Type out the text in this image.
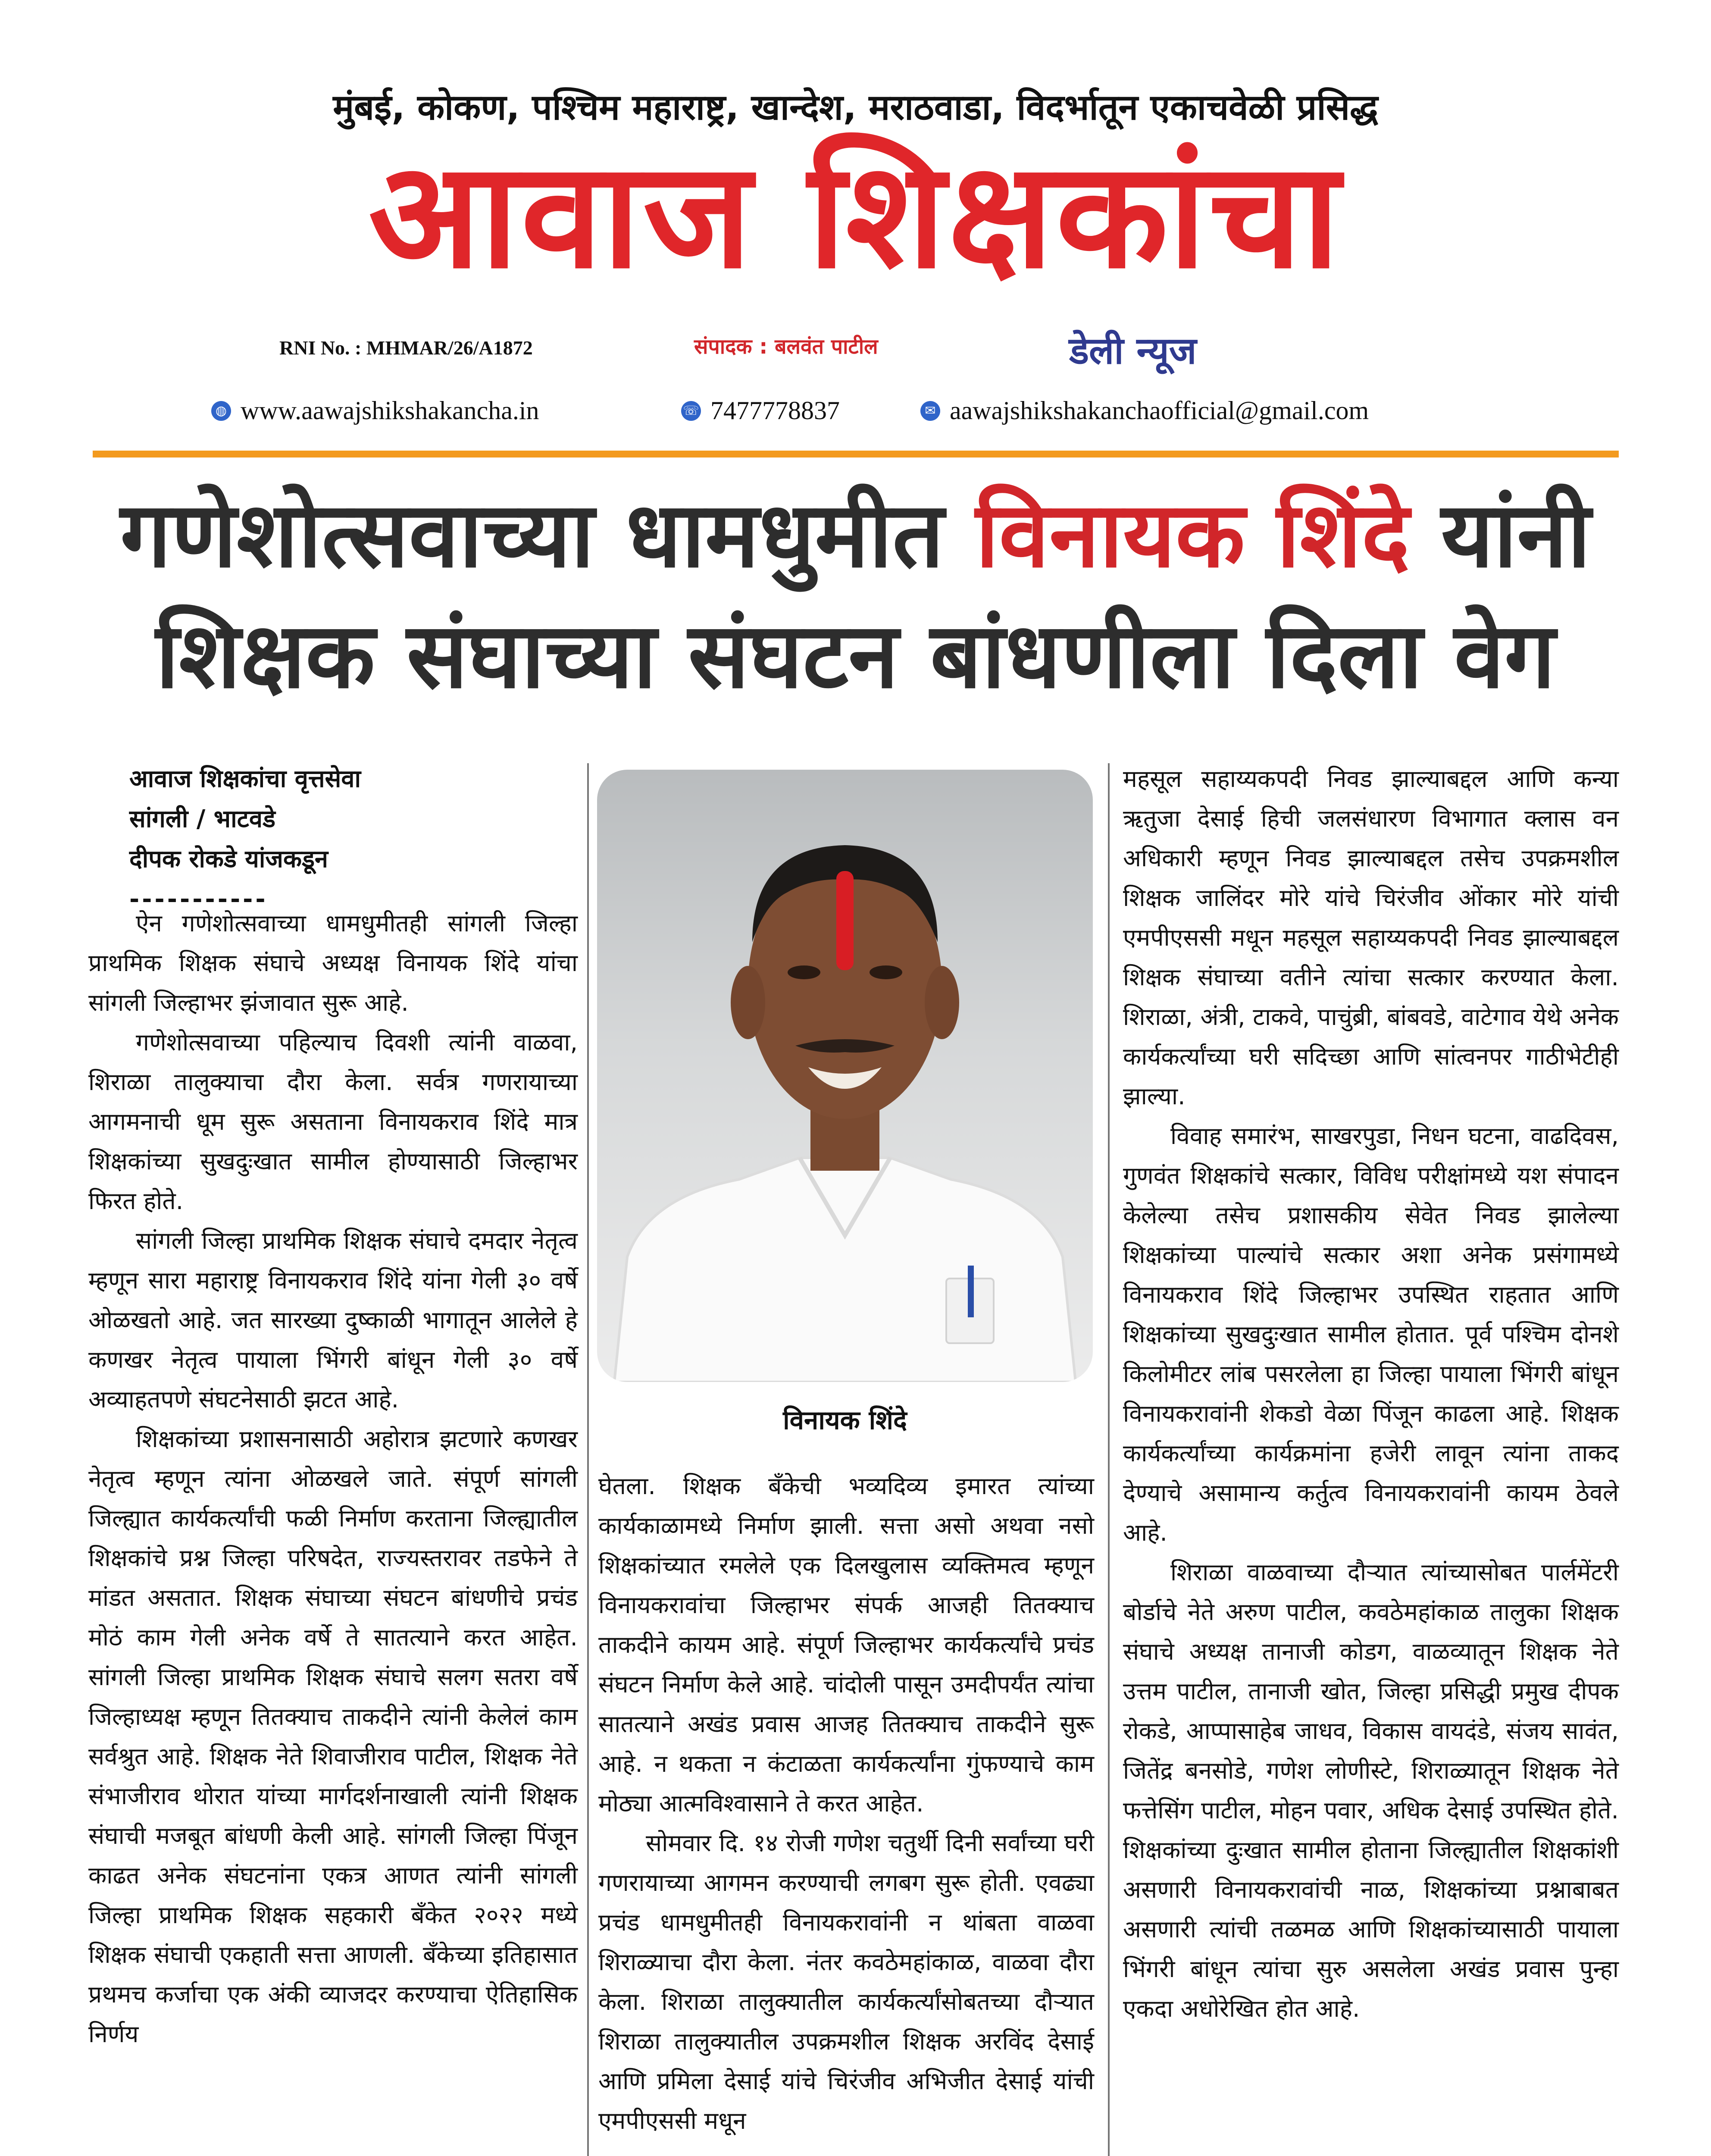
मुंबई, कोकण, पश्चिम महाराष्ट्र, खान्देश, मराठवाडा, विदर्भातून एकाचवेळी प्रसिद्ध
आवाज शिक्षकांचा
RNI No. : MHMAR/26/A1872	संपादक : बलवंत पाटील	डेली न्यूज
◍ www.aawajshikshakancha.in	☏ 7477778837	✉ aawajshikshakanchaofficial@gmail.com
गणेशोत्सवाच्या धामधुमीत विनायक शिंदे यांनी
शिक्षक संघाच्या संघटन बांधणीला दिला वेग
आवाज शिक्षकांचा वृत्तसेवा
सांगली / भाटवडे
दीपक रोकडे यांजकडून
-----------
विनायक शिंदे

ऐन गणेशोत्सवाच्या धामधुमीतही सांगली जिल्हा प्राथमिक शिक्षक संघाचे अध्यक्ष विनायक शिंदे यांचा सांगली जिल्हाभर झंजावात सुरू आहे.

गणेशोत्सवाच्या पहिल्याच दिवशी त्यांनी वाळवा, शिराळा तालुक्याचा दौरा केला. सर्वत्र गणरायाच्या आगमनाची धूम सुरू असताना विनायकराव शिंदे मात्र शिक्षकांच्या सुखदुःखात सामील होण्यासाठी जिल्हाभर फिरत होते.

सांगली जिल्हा प्राथमिक शिक्षक संघाचे दमदार नेतृत्व म्हणून सारा महाराष्ट्र विनायकराव शिंदे यांना गेली ३० वर्षे ओळखतो आहे. जत सारख्या दुष्काळी भागातून आलेले हे कणखर नेतृत्व पायाला भिंगरी बांधून गेली ३० वर्षे अव्याहतपणे संघटनेसाठी झटत आहे.

शिक्षकांच्या प्रशासनासाठी अहोरात्र झटणारे कणखर नेतृत्व म्हणून त्यांना ओळखले जाते. संपूर्ण सांगली जिल्ह्यात कार्यकर्त्यांची फळी निर्माण करताना जिल्ह्यातील शिक्षकांचे प्रश्न जिल्हा परिषदेत, राज्यस्तरावर तडफेने ते मांडत असतात. शिक्षक संघाच्या संघटन बांधणीचे प्रचंड मोठं काम गेली अनेक वर्षे ते सातत्याने करत आहेत. सांगली जिल्हा प्राथमिक शिक्षक संघाचे सलग सतरा वर्षे जिल्हाध्यक्ष म्हणून तितक्याच ताकदीने त्यांनी केलेलं काम सर्वश्रुत आहे. शिक्षक नेते शिवाजीराव पाटील, शिक्षक नेते संभाजीराव थोरात यांच्या मार्गदर्शनाखाली त्यांनी शिक्षक संघाची मजबूत बांधणी केली आहे. सांगली जिल्हा पिंजून काढत अनेक संघटनांना एकत्र आणत त्यांनी सांगली जिल्हा प्राथमिक शिक्षक सहकारी बँकेत २०२२ मध्ये शिक्षक संघाची एकहाती सत्ता आणली. बँकेच्या इतिहासात प्रथमच कर्जाचा एक अंकी व्याजदर करण्याचा ऐतिहासिक निर्णय

घेतला. शिक्षक बँकेची भव्यदिव्य इमारत त्यांच्या कार्यकाळामध्ये निर्माण झाली. सत्ता असो अथवा नसो शिक्षकांच्यात रमलेले एक दिलखुलास व्यक्तिमत्व म्हणून विनायकरावांचा जिल्हाभर संपर्क आजही तितक्याच ताकदीने कायम आहे. संपूर्ण जिल्हाभर कार्यकर्त्यांचे प्रचंड संघटन निर्माण केले आहे. चांदोली पासून उमदीपर्यंत त्यांचा सातत्याने अखंड प्रवास आजह तितक्याच ताकदीने सुरू आहे. न थकता न कंटाळता कार्यकर्त्यांना गुंफण्याचे काम मोठ्या आत्मविश्वासाने ते करत आहेत.

सोमवार दि. १४ रोजी गणेश चतुर्थी दिनी सर्वांच्या घरी गणरायाच्या आगमन करण्याची लगबग सुरू होती. एवढ्या प्रचंड धामधुमीतही विनायकरावांनी न थांबता वाळवा शिराळ्याचा दौरा केला. नंतर कवठेमहांकाळ, वाळवा दौरा केला. शिराळा तालुक्यातील कार्यकर्त्यांसोबतच्या दौऱ्यात शिराळा तालुक्यातील उपक्रमशील शिक्षक अरविंद देसाई आणि प्रमिला देसाई यांचे चिरंजीव अभिजीत देसाई यांची एमपीएससी मधून

महसूल सहाय्यकपदी निवड झाल्याबद्दल आणि कन्या ऋतुजा देसाई हिची जलसंधारण विभागात क्लास वन अधिकारी म्हणून निवड झाल्याबद्दल तसेच उपक्रमशील शिक्षक जालिंदर मोरे यांचे चिरंजीव ओंकार मोरे यांची एमपीएससी मधून महसूल सहाय्यकपदी निवड झाल्याबद्दल शिक्षक संघाच्या वतीने त्यांचा सत्कार करण्यात केला. शिराळा, अंत्री, टाकवे, पाचुंब्री, बांबवडे, वाटेगाव येथे अनेक कार्यकर्त्यांच्या घरी सदिच्छा आणि सांत्वनपर गाठीभेटीही झाल्या.

विवाह समारंभ, साखरपुडा, निधन घटना, वाढदिवस, गुणवंत शिक्षकांचे सत्कार, विविध परीक्षांमध्ये यश संपादन केलेल्या तसेच प्रशासकीय सेवेत निवड झालेल्या शिक्षकांच्या पाल्यांचे सत्कार अशा अनेक प्रसंगामध्ये विनायकराव शिंदे जिल्हाभर उपस्थित राहतात आणि शिक्षकांच्या सुखदुःखात सामील होतात. पूर्व पश्चिम दोनशे किलोमीटर लांब पसरलेला हा जिल्हा पायाला भिंगरी बांधून विनायकरावांनी शेकडो वेळा पिंजून काढला आहे. शिक्षक कार्यकर्त्यांच्या कार्यक्रमांना हजेरी लावून त्यांना ताकद देण्याचे असामान्य कर्तुत्व विनायकरावांनी कायम ठेवले आहे.

शिराळा वाळवाच्या दौऱ्यात त्यांच्यासोबत पार्लमेंटरी बोर्डाचे नेते अरुण पाटील, कवठेमहांकाळ तालुका शिक्षक संघाचे अध्यक्ष तानाजी कोडग, वाळव्यातून शिक्षक नेते उत्तम पाटील, तानाजी खोत, जिल्हा प्रसिद्धी प्रमुख दीपक रोकडे, आप्पासाहेब जाधव, विकास वायदंडे, संजय सावंत, जितेंद्र बनसोडे, गणेश लोणीस्टे, शिराळ्यातून शिक्षक नेते फत्तेसिंग पाटील, मोहन पवार, अधिक देसाई उपस्थित होते. शिक्षकांच्या दुःखात सामील होताना जिल्ह्यातील शिक्षकांशी असणारी विनायकरावांची नाळ, शिक्षकांच्या प्रश्नाबाबत असणारी त्यांची तळमळ आणि शिक्षकांच्यासाठी पायाला भिंगरी बांधून त्यांचा सुरु असलेला अखंड प्रवास पुन्हा एकदा अधोरेखित होत आहे.
